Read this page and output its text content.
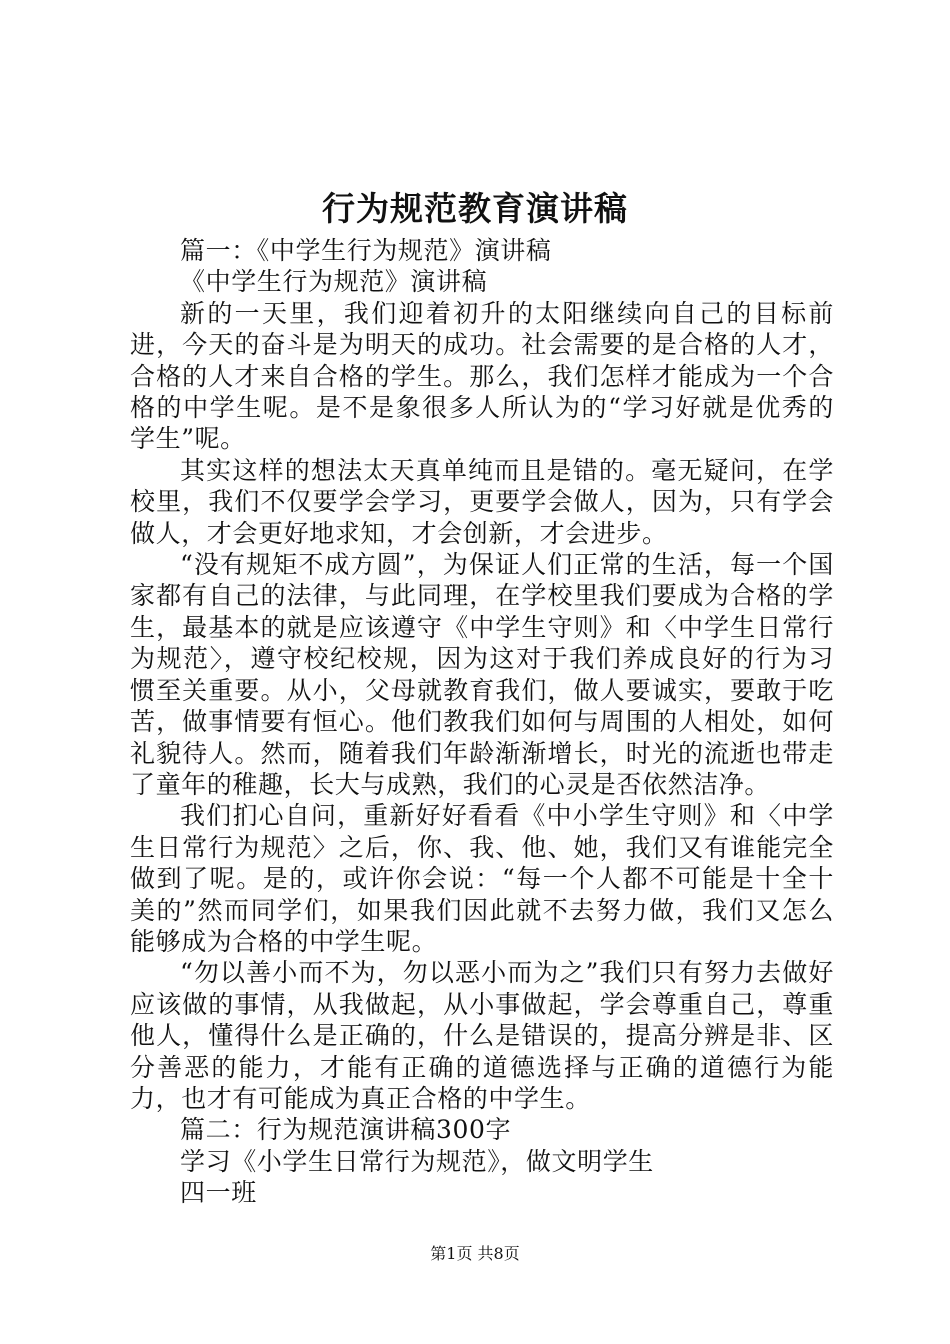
行为规范教育演讲稿

篇一：《中学生行为规范》演讲稿

《中学生行为规范》演讲稿

新的一天里，我们迎着初升的太阳继续向自己的目标前进，今天的奋斗是为明天的成功。社会需要的是合格的人才，合格的人才来自合格的学生。那么，我们怎样才能成为一个合格的中学生呢。是不是象很多人所认为的“学习好就是优秀的学生”呢。

其实这样的想法太天真单纯而且是错的。毫无疑问，在学校里，我们不仅要学会学习，更要学会做人，因为，只有学会做人，才会更好地求知，才会创新，才会进步。

“没有规矩不成方圆”，为保证人们正常的生活，每一个国家都有自己的法律，与此同理，在学校里我们要成为合格的学生，最基本的就是应该遵守《中学生守则》和〈中学生日常行为规范〉，遵守校纪校规，因为这对于我们养成良好的行为习惯至关重要。从小，父母就教育我们，做人要诚实，要敢于吃苦，做事情要有恒心。他们教我们如何与周围的人相处，如何礼貌待人。然而，随着我们年龄渐渐增长，时光的流逝也带走了童年的稚趣，长大与成熟，我们的心灵是否依然洁净。

我们扪心自问，重新好好看看《中小学生守则》和〈中学生日常行为规范〉之后，你、我、他、她，我们又有谁能完全做到了呢。是的，或许你会说：“每一个人都不可能是十全十美的”然而同学们，如果我们因此就不去努力做，我们又怎么能够成为合格的中学生呢。

“勿以善小而不为，勿以恶小而为之”我们只有努力去做好应该做的事情，从我做起，从小事做起，学会尊重自己，尊重他人，懂得什么是正确的，什么是错误的，提高分辨是非、区分善恶的能力，才能有正确的道德选择与正确的道德行为能力，也才有可能成为真正合格的中学生。

篇二：行为规范演讲稿300字

学习《小学生日常行为规范》，做文明学生

四一班

第1页 共8页
